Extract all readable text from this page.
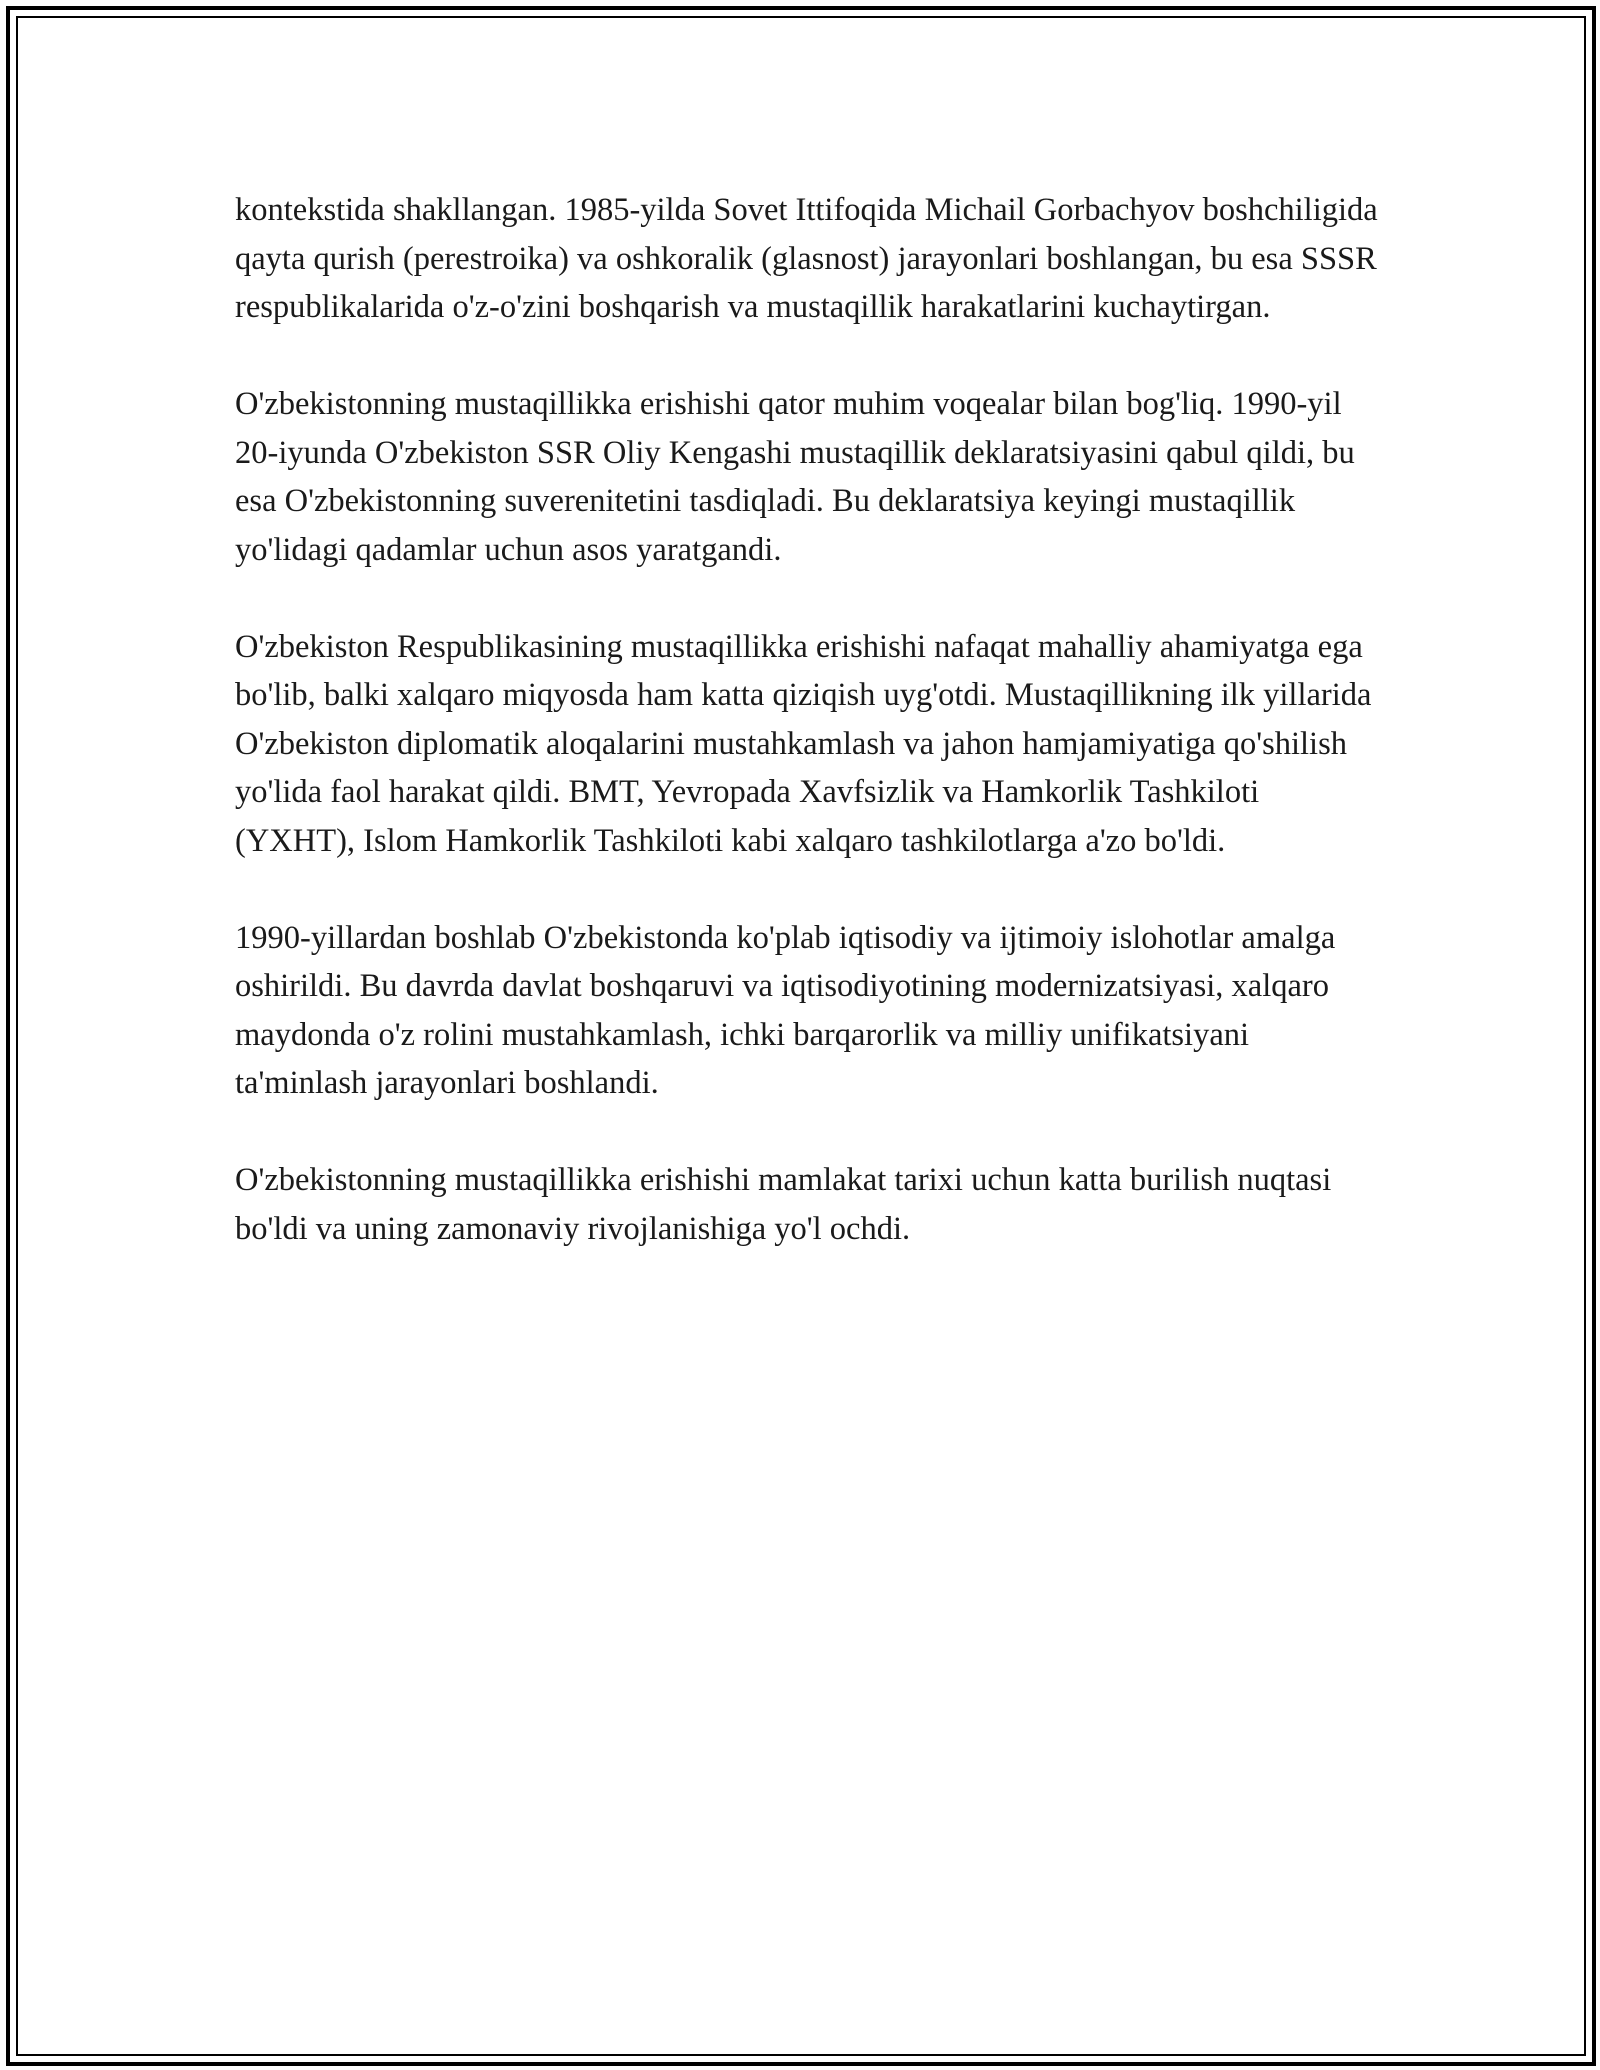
kontekstida shakllangan. 1985-yilda Sovet Ittifoqida Michail Gorbachyov boshchiligida qayta qurish (perestroika) va oshkoralik (glasnost) jarayonlari boshlangan, bu esa SSSR respublikalarida o'z-o'zini boshqarish va mustaqillik harakatlarini kuchaytirgan.

O'zbekistonning mustaqillikka erishishi qator muhim voqealar bilan bog'liq. 1990-yil 20-iyunda O'zbekiston SSR Oliy Kengashi mustaqillik deklaratsiyasini qabul qildi, bu esa O'zbekistonning suverenitetini tasdiqladi. Bu deklaratsiya keyingi mustaqillik yo'lidagi qadamlar uchun asos yaratgandi.

O'zbekiston Respublikasining mustaqillikka erishishi nafaqat mahalliy ahamiyatga ega bo'lib, balki xalqaro miqyosda ham katta qiziqish uyg'otdi. Mustaqillikning ilk yillarida O'zbekiston diplomatik aloqalarini mustahkamlash va jahon hamjamiyatiga qo'shilish yo'lida faol harakat qildi. BMT, Yevropada Xavfsizlik va Hamkorlik Tashkiloti (YXHT), Islom Hamkorlik Tashkiloti kabi xalqaro tashkilotlarga a'zo bo'ldi.

1990-yillardan boshlab O'zbekistonda ko'plab iqtisodiy va ijtimoiy islohotlar amalga oshirildi. Bu davrda davlat boshqaruvi va iqtisodiyotining modernizatsiyasi, xalqaro maydonda o'z rolini mustahkamlash, ichki barqarorlik va milliy unifikatsiyani ta'minlash jarayonlari boshlandi.

O'zbekistonning mustaqillikka erishishi mamlakat tarixi uchun katta burilish nuqtasi bo'ldi va uning zamonaviy rivojlanishiga yo'l ochdi.
